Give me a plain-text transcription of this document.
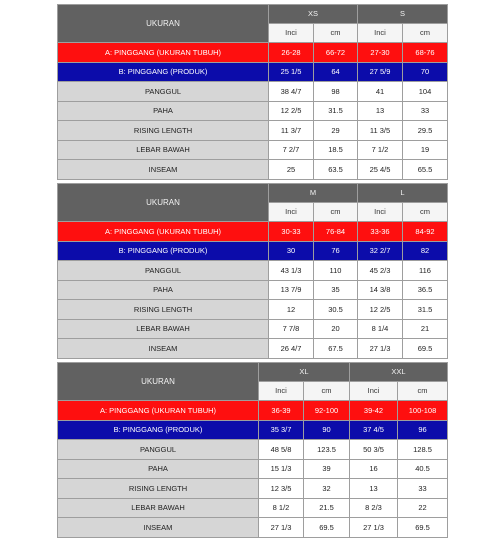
UKURAN	XS		S	
	Inci	cm	Inci	cm
A: PINGGANG (UKURAN TUBUH)	26-28	66-72	27-30	68-76
B: PINGGANG (PRODUK)	25 1/5	64	27 5/9	70
PANGGUL	38 4/7	98	41	104
PAHA	12 2/5	31.5	13	33
RISING LENGTH	11 3/7	29	11 3/5	29.5
LEBAR BAWAH	7 2/7	18.5	7 1/2	19
INSEAM	25	63.5	25 4/5	65.5
UKURAN	M		L	
	Inci	cm	Inci	cm
A: PINGGANG (UKURAN TUBUH)	30-33	76-84	33-36	84-92
B: PINGGANG (PRODUK)	30	76	32 2/7	82
PANGGUL	43 1/3	110	45 2/3	116
PAHA	13 7/9	35	14 3/8	36.5
RISING LENGTH	12	30.5	12 2/5	31.5
LEBAR BAWAH	7 7/8	20	8 1/4	21
INSEAM	26 4/7	67.5	27 1/3	69.5
UKURAN	XL		XXL	
	Inci	cm	Inci	cm
A: PINGGANG (UKURAN TUBUH)	36-39	92-100	39-42	100-108
B: PINGGANG (PRODUK)	35 3/7	90	37 4/5	96
PANGGUL	48 5/8	123.5	50 3/5	128.5
PAHA	15 1/3	39	16	40.5
RISING LENGTH	12 3/5	32	13	33
LEBAR BAWAH	8 1/2	21.5	8 2/3	22
INSEAM	27 1/3	69.5	27 1/3	69.5
